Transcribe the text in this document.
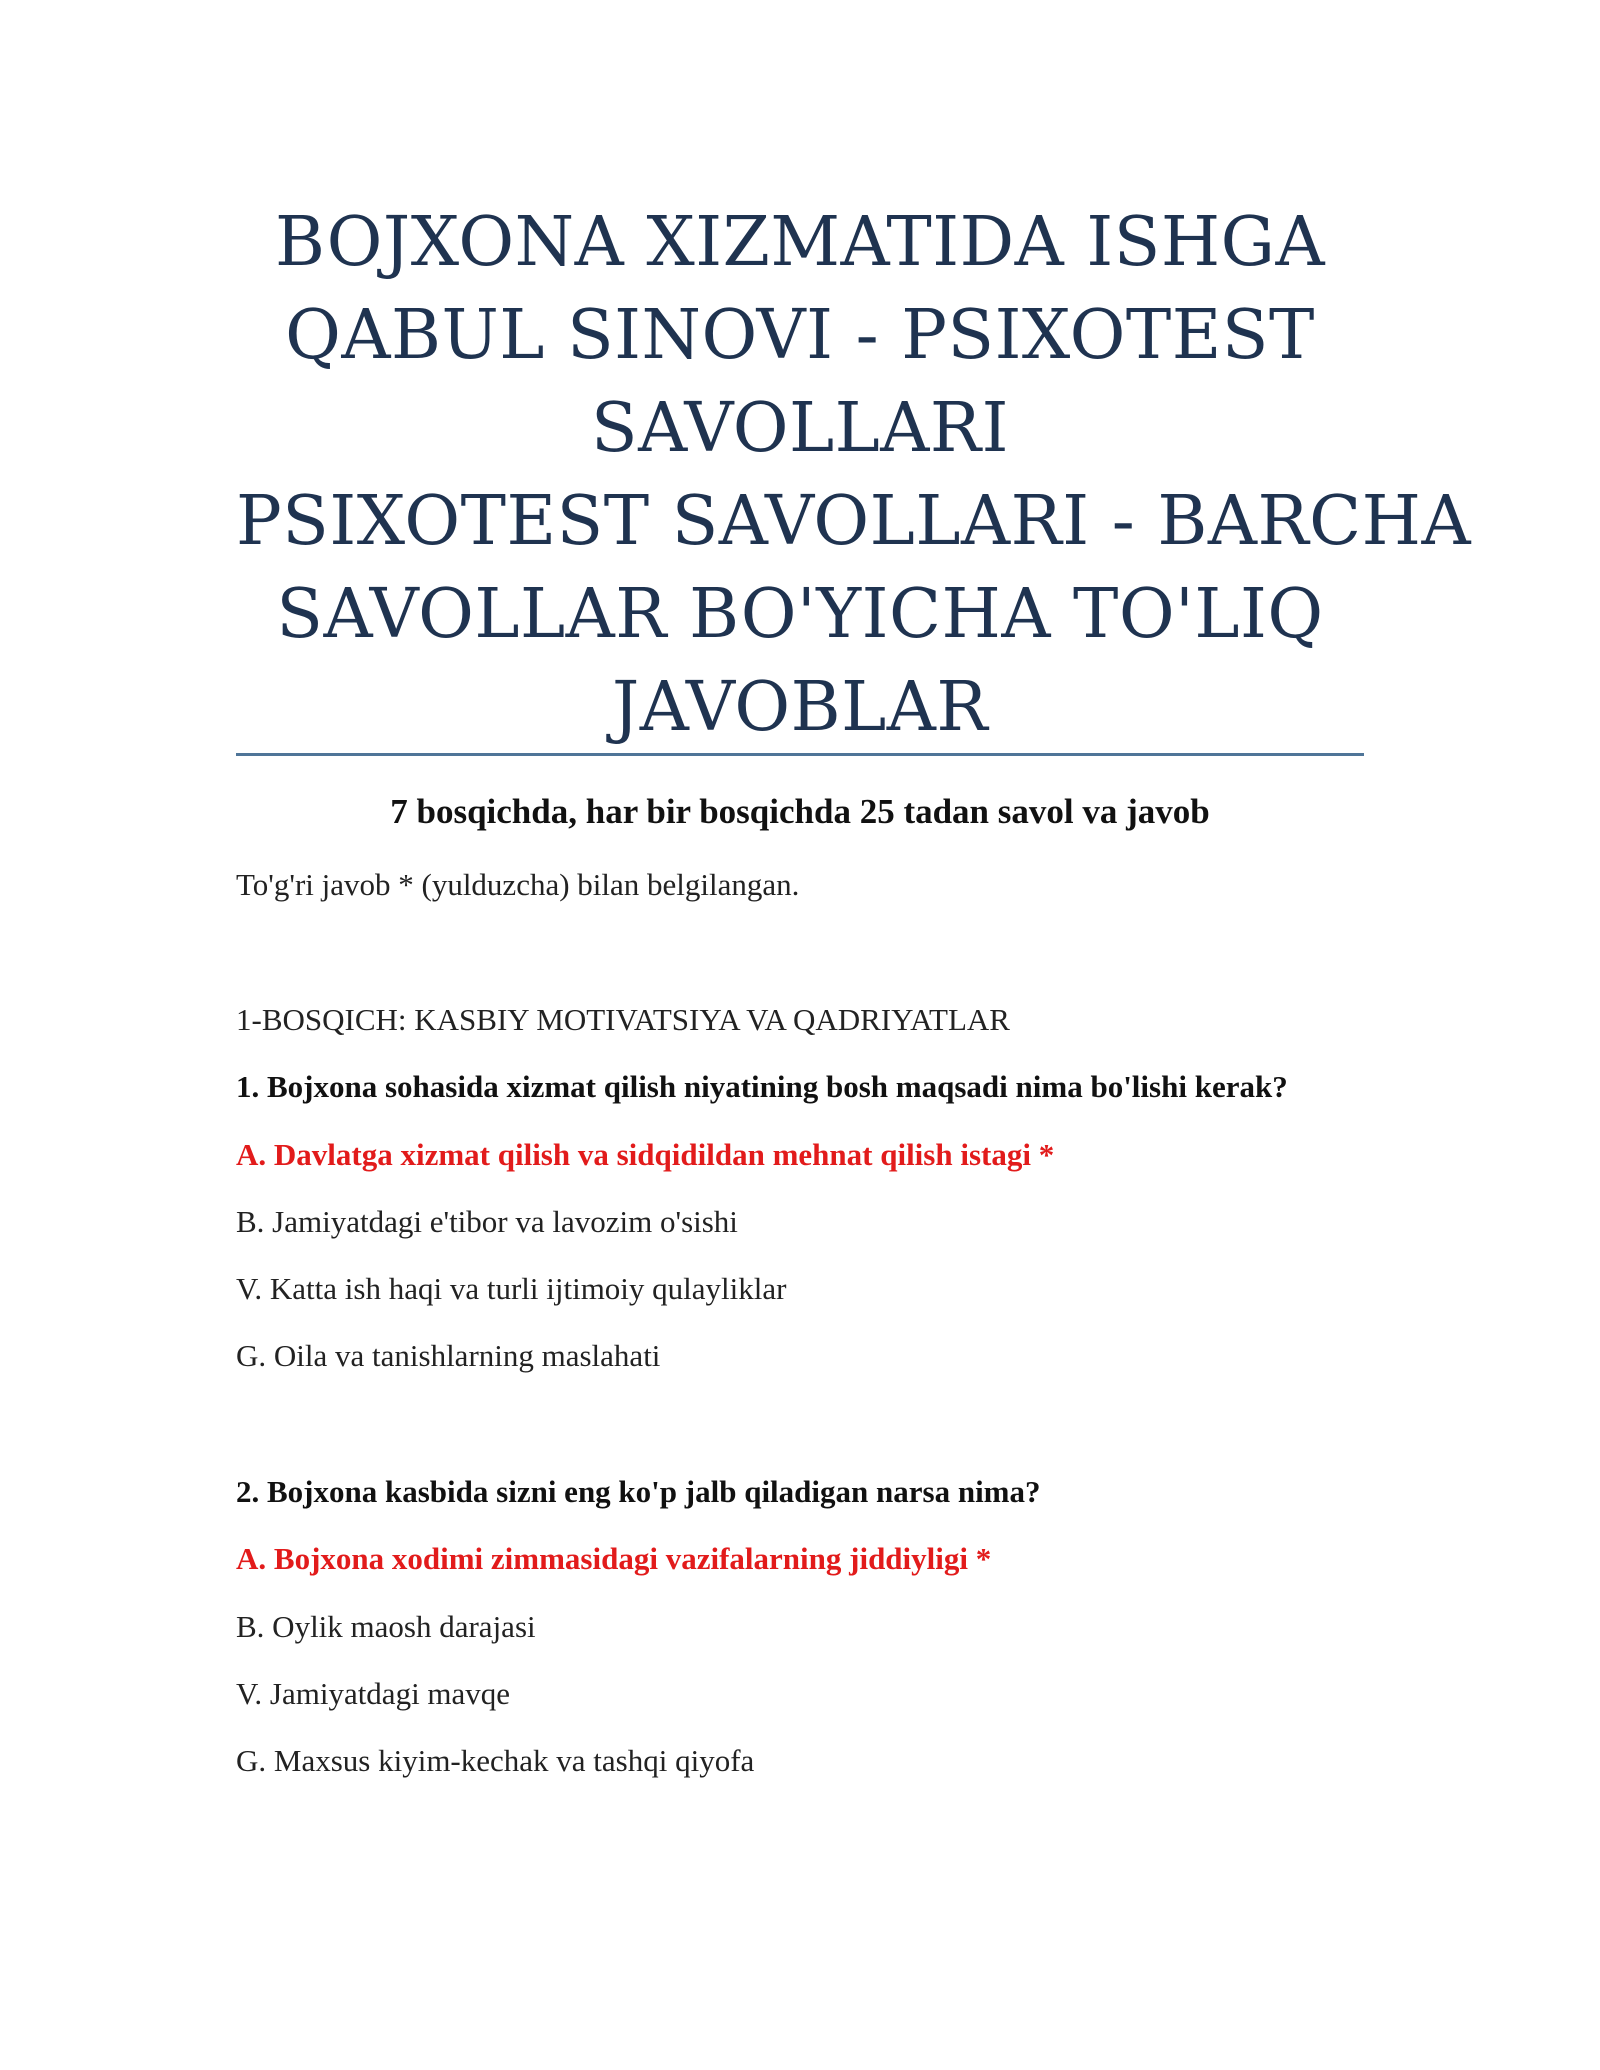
BOJXONA XIZMATIDA ISHGA
QABUL SINOVI - PSIXOTEST
SAVOLLARI
PSIXOTEST SAVOLLARI - BARCHA
SAVOLLAR BO'YICHA TO'LIQ
JAVOBLAR
7 bosqichda, har bir bosqichda 25 tadan savol va javob
To'g'ri javob * (yulduzcha) bilan belgilangan.
1-BOSQICH: KASBIY MOTIVATSIYA VA QADRIYATLAR
1. Bojxona sohasida xizmat qilish niyatining bosh maqsadi nima bo'lishi kerak?
A. Davlatga xizmat qilish va sidqidildan mehnat qilish istagi *
B. Jamiyatdagi e'tibor va lavozim o'sishi
V. Katta ish haqi va turli ijtimoiy qulayliklar
G. Oila va tanishlarning maslahati
2. Bojxona kasbida sizni eng ko'p jalb qiladigan narsa nima?
A. Bojxona xodimi zimmasidagi vazifalarning jiddiyligi *
B. Oylik maosh darajasi
V. Jamiyatdagi mavqe
G. Maxsus kiyim-kechak va tashqi qiyofa
